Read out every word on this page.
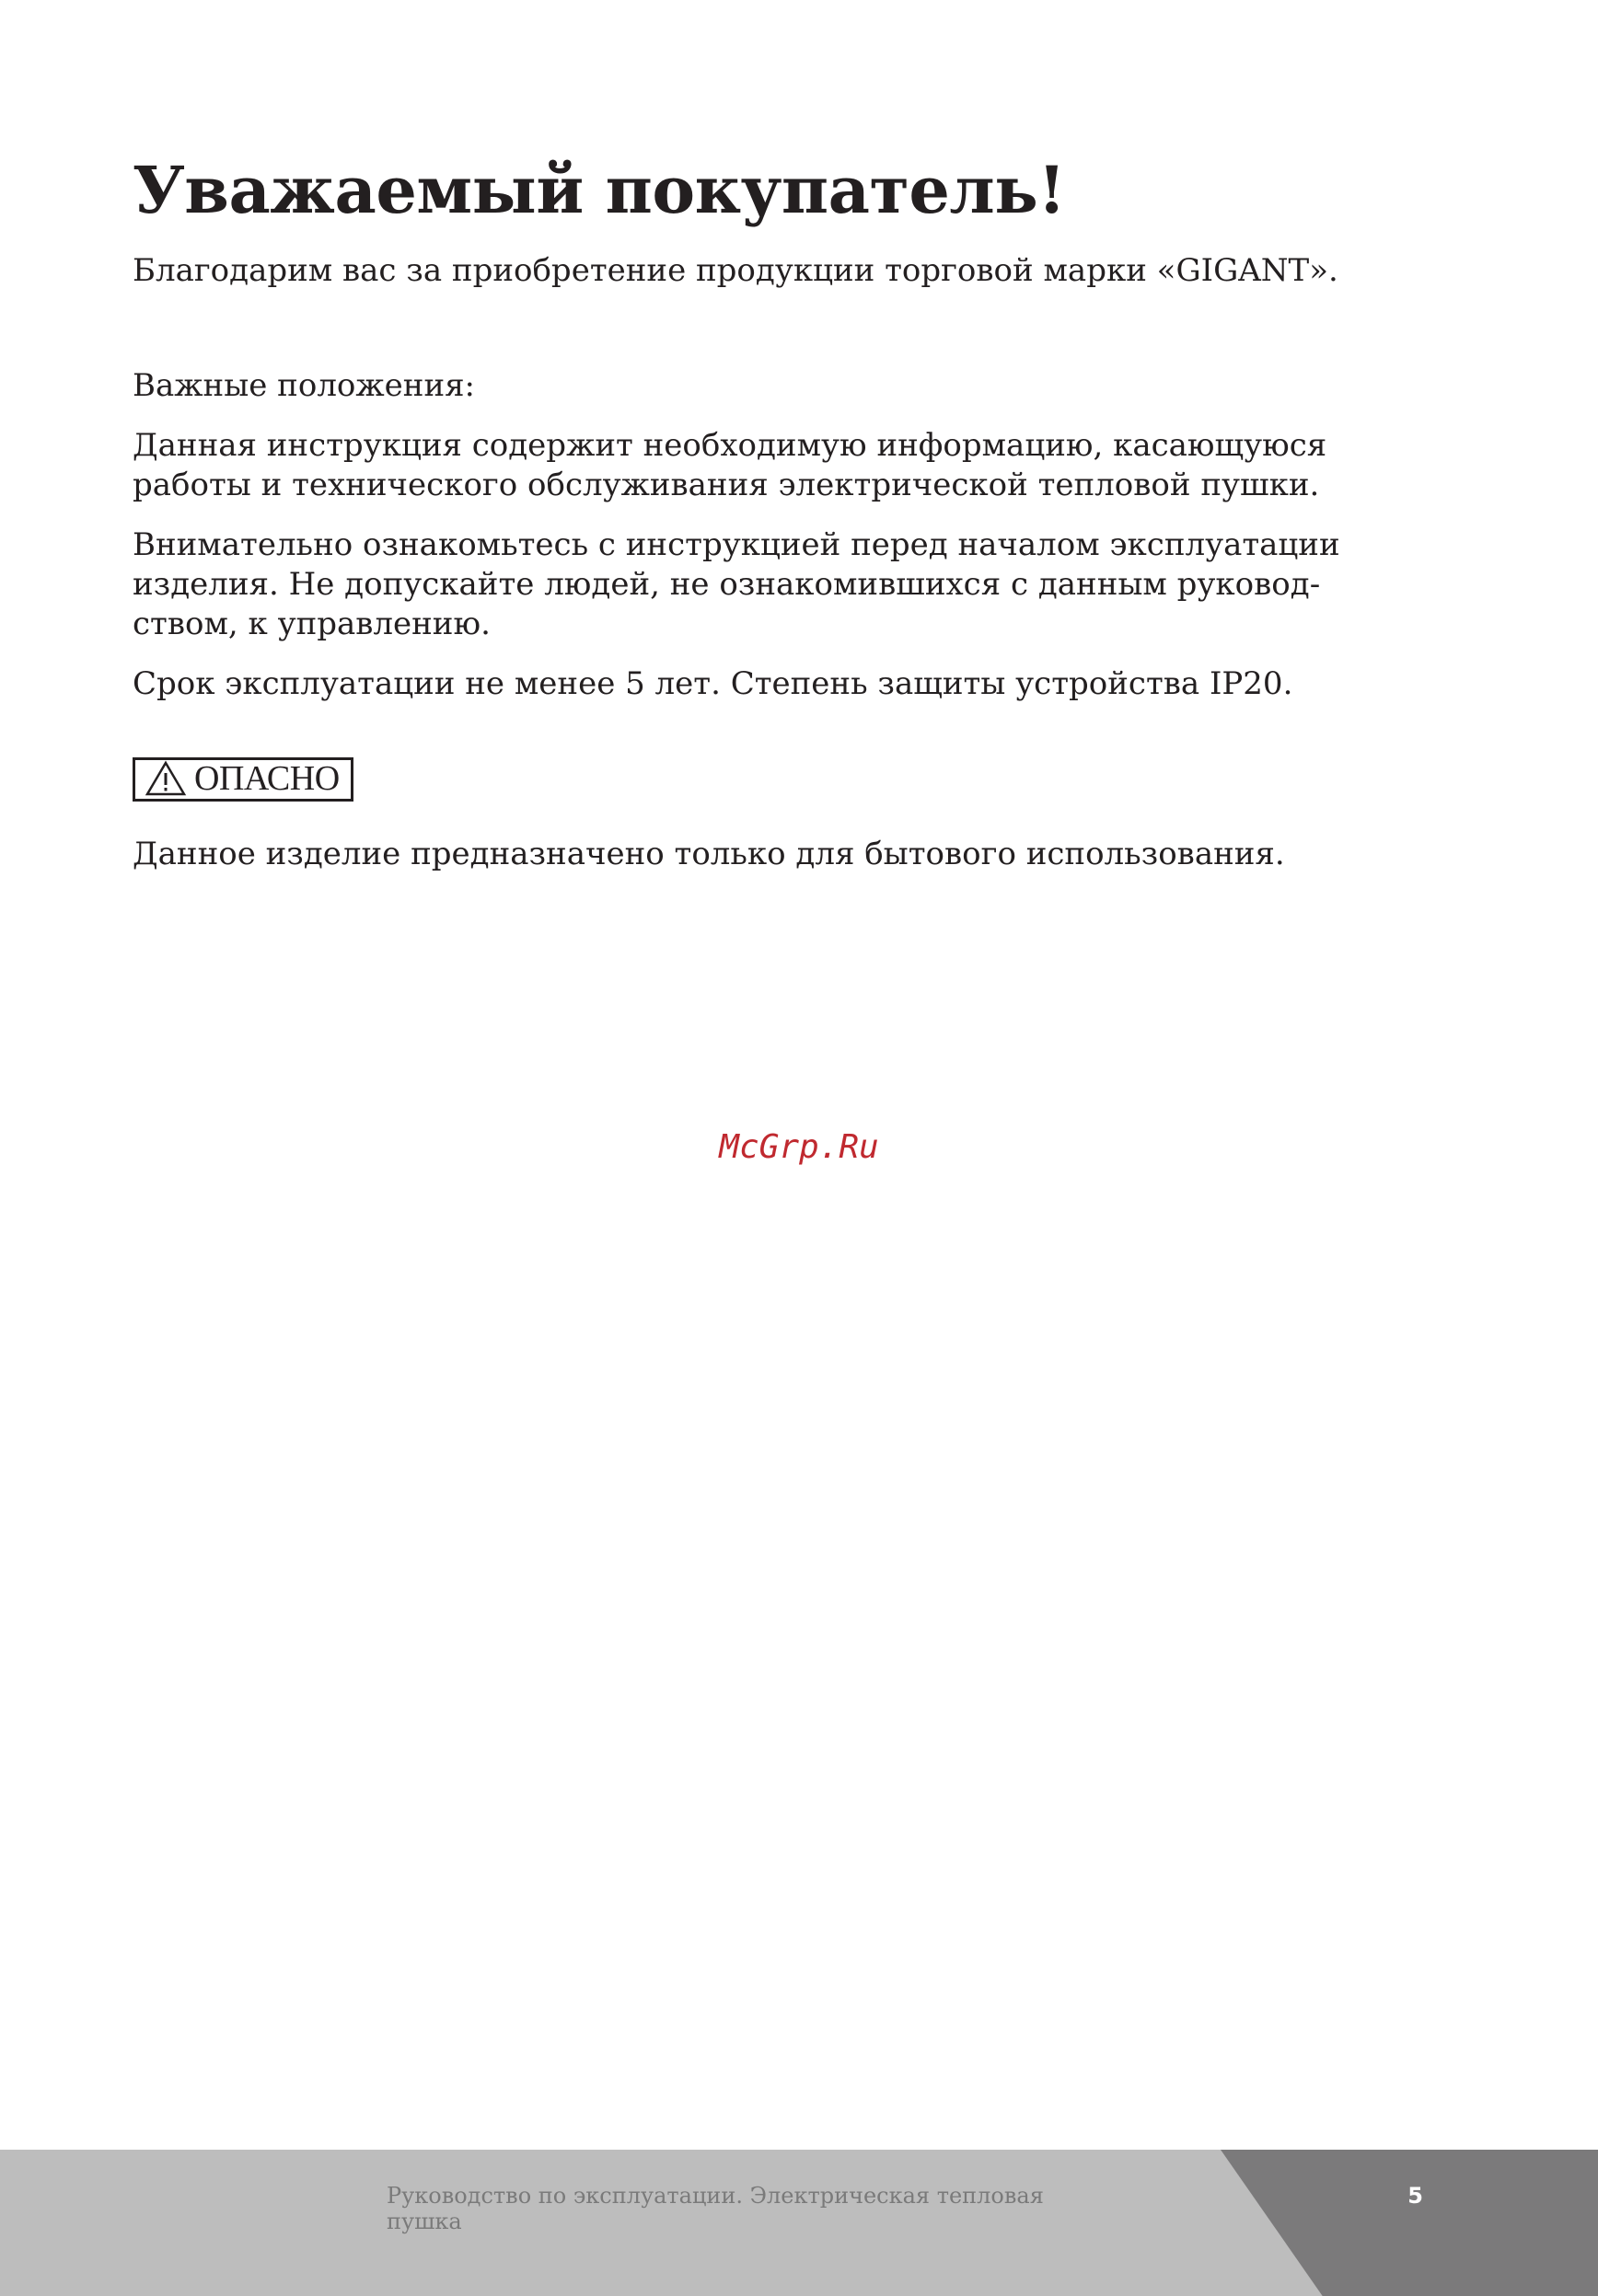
Уважаемый покупатель!

Благодарим вас за приобретение продукции торговой марки «GIGANT».

Важные положения:

Данная инструкция содержит необходимую информацию, касающуюся работы и технического обслуживания электрической тепловой пушки.

Внимательно ознакомьтесь с инструкцией перед началом эксплуатации изделия. Не допускайте людей, не ознакомившихся с данным руководством, к управлению.

Срок эксплуатации не менее 5 лет. Степень защиты устройства IP20.

ОПАСНО

Данное изделие предназначено только для бытового использования.

McGrp.Ru
Руководство по эксплуатации. Электрическая тепловая пушка
5
